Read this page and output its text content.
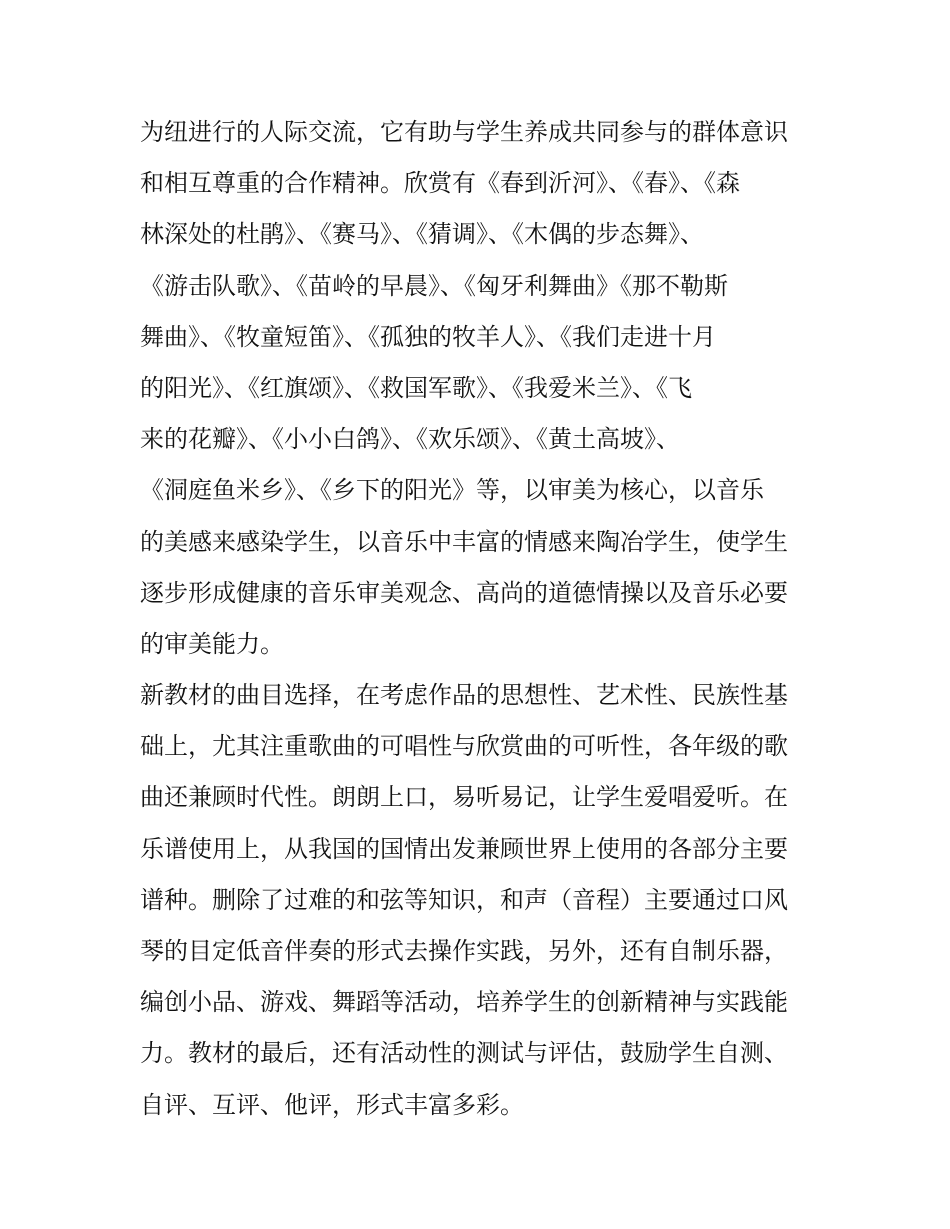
为纽进行的人际交流，它有助与学生养成共同参与的群体意识
和相互尊重的合作精神。欣赏有《春到沂河》、《春》、《森
林深处的杜鹃》、《赛马》、《猜调》、《木偶的步态舞》、
《游击队歌》、《苗岭的早晨》、《匈牙利舞曲》《那不勒斯
舞曲》、《牧童短笛》、《孤独的牧羊人》、《我们走进十月
的阳光》、《红旗颂》、《救国军歌》、《我爱米兰》、《飞
来的花瓣》、《小小白鸽》、《欢乐颂》、《黄土高坡》、
《洞庭鱼米乡》、《乡下的阳光》等，以审美为核心，以音乐
的美感来感染学生，以音乐中丰富的情感来陶冶学生，使学生
逐步形成健康的音乐审美观念、高尚的道德情操以及音乐必要
的审美能力。
新教材的曲目选择，在考虑作品的思想性、艺术性、民族性基
础上，尤其注重歌曲的可唱性与欣赏曲的可听性，各年级的歌
曲还兼顾时代性。朗朗上口，易听易记，让学生爱唱爱听。在
乐谱使用上，从我国的国情出发兼顾世界上使用的各部分主要
谱种。删除了过难的和弦等知识，和声（音程）主要通过口风
琴的目定低音伴奏的形式去操作实践，另外，还有自制乐器，
编创小品、游戏、舞蹈等活动，培养学生的创新精神与实践能
力。教材的最后，还有活动性的测试与评估，鼓励学生自测、
自评、互评、他评，形式丰富多彩。
